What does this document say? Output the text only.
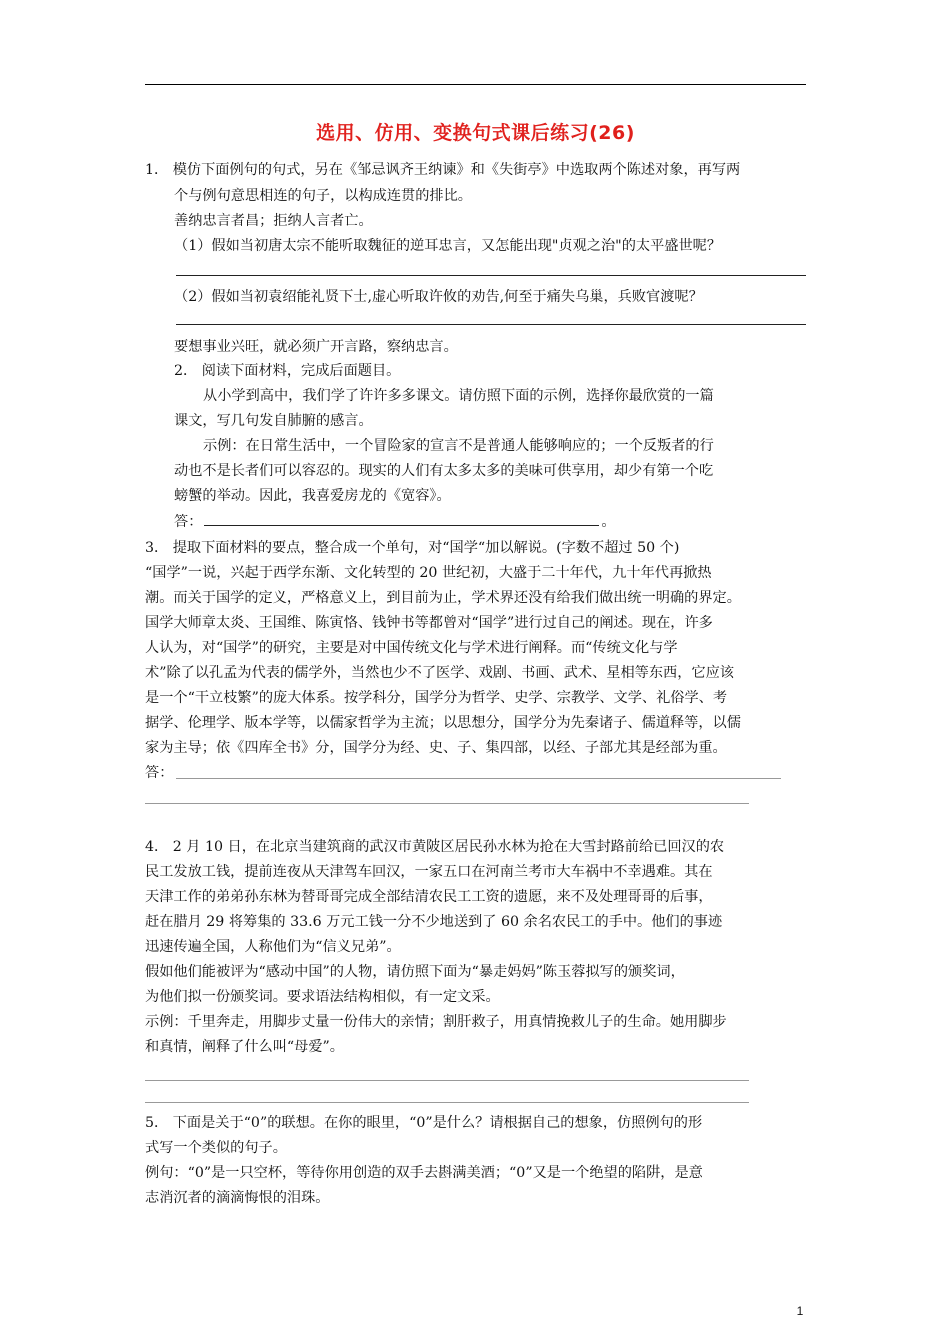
选用、仿用、变换句式课后练习(26)
1． 模仿下面例句的句式，另在《邹忌讽齐王纳谏》和《失街亭》中选取两个陈述对象，再写两
个与例句意思相连的句子，以构成连贯的排比。
善纳忠言者昌；拒纳人言者亡。
（1）假如当初唐太宗不能听取魏征的逆耳忠言，又怎能出现"贞观之治"的太平盛世呢？
（2）假如当初袁绍能礼贤下士,虚心听取许攸的劝告,何至于痛失乌巢，兵败官渡呢？
要想事业兴旺，就必须广开言路，察纳忠言。
2． 阅读下面材料，完成后面题目。
从小学到高中，我们学了许许多多课文。请仿照下面的示例，选择你最欣赏的一篇
课文，写几句发自肺腑的感言。
示例：在日常生活中，一个冒险家的宣言不是普通人能够响应的；一个反叛者的行
动也不是长者们可以容忍的。现实的人们有太多太多的美味可供享用，却少有第一个吃
螃蟹的举动。因此，我喜爱房龙的《宽容》。
答：	。
3． 提取下面材料的要点，整合成一个单句，对“国学“加以解说。(字数不超过 50 个)
“国学”一说，兴起于西学东渐、文化转型的 20 世纪初，大盛于二十年代，九十年代再掀热
潮。而关于国学的定义，严格意义上，到目前为止，学术界还没有给我们做出统一明确的界定。
国学大师章太炎、王国维、陈寅恪、钱钟书等都曾对“国学”进行过自己的阐述。现在，许多
人认为，对“国学”的研究，主要是对中国传统文化与学术进行阐释。而“传统文化与学
术”除了以孔孟为代表的儒学外，当然也少不了医学、戏剧、书画、武术、星相等东西，它应该
是一个“干立枝繁”的庞大体系。按学科分，国学分为哲学、史学、宗教学、文学、礼俗学、考
据学、伦理学、版本学等，以儒家哲学为主流；以思想分，国学分为先秦诸子、儒道释等，以儒
家为主导；依《四库全书》分，国学分为经、史、子、集四部，以经、子部尤其是经部为重。
答：
4． 2 月 10 日，在北京当建筑商的武汉市黄陂区居民孙水林为抢在大雪封路前给已回汉的农
民工发放工钱，提前连夜从天津驾车回汉，一家五口在河南兰考市大车祸中不幸遇难。其在
天津工作的弟弟孙东林为替哥哥完成全部结清农民工工资的遗愿，来不及处理哥哥的后事，
赶在腊月 29 将筹集的 33.6 万元工钱一分不少地送到了 60 余名农民工的手中。他们的事迹
迅速传遍全国，人称他们为“信义兄弟”。
假如他们能被评为“感动中国”的人物，请仿照下面为“暴走妈妈”陈玉蓉拟写的颁奖词，
为他们拟一份颁奖词。要求语法结构相似，有一定文采。
示例：千里奔走，用脚步丈量一份伟大的亲情；割肝救子，用真情挽救儿子的生命。她用脚步
和真情，阐释了什么叫“母爱”。
5． 下面是关于“0”的联想。在你的眼里，“0”是什么？请根据自己的想象，仿照例句的形
式写一个类似的句子。
例句：“0”是一只空杯，等待你用创造的双手去斟满美酒；“0”又是一个绝望的陷阱，是意
志消沉者的滴滴悔恨的泪珠。
1
